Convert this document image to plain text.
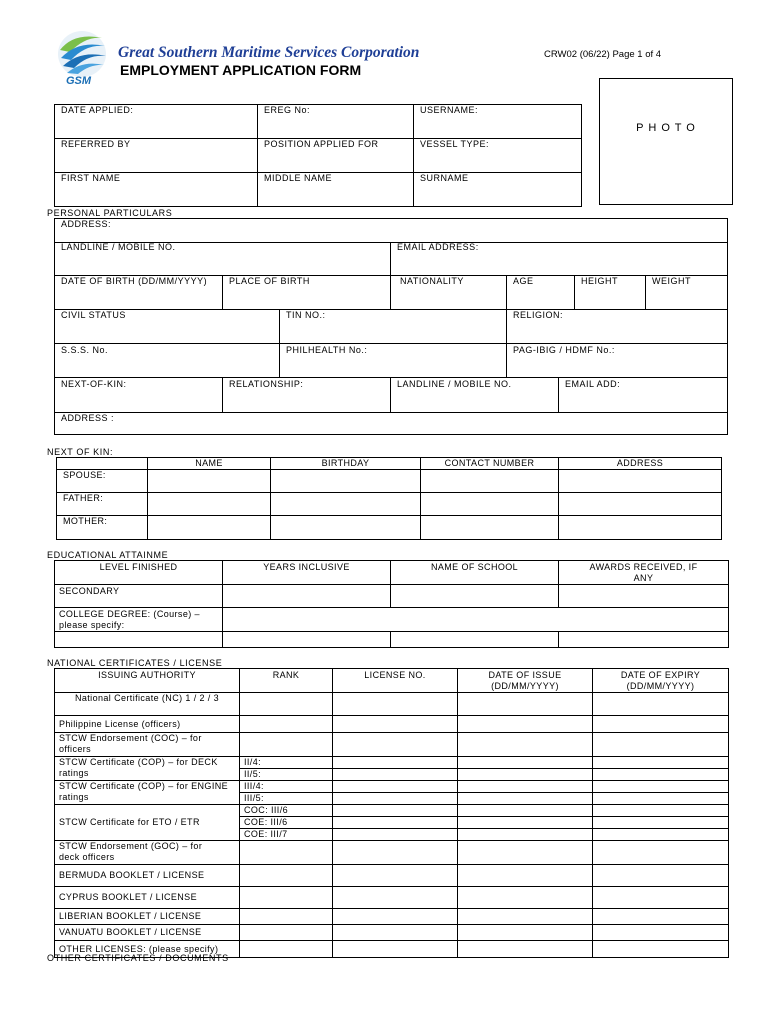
GSM
Great Southern Maritime Services Corporation
EMPLOYMENT APPLICATION FORM
CRW02 (06/22) Page 1 of 4
P H O T O
DATE APPLIED:	EREG No:	USERNAME:
REFERRED BY	POSITION APPLIED FOR	VESSEL TYPE:
FIRST NAME	MIDDLE NAME	SURNAME
PERSONAL PARTICULARS
ADDRESS:
LANDLINE / MOBILE NO.	EMAIL ADDRESS:
DATE OF BIRTH (DD/MM/YYYY) PLACE OF BIRTH	NATIONALITY	AGE	HEIGHT	WEIGHT
CIVIL STATUS	TIN NO.:	RELIGION:
S.S.S. No.	PHILHEALTH No.:	PAG-IBIG / HDMF No.:
NEXT-OF-KIN:	RELATIONSHIP:	LANDLINE / MOBILE NO.	EMAIL ADD:
ADDRESS :
NEXT OF KIN:
	NAME	BIRTHDAY	CONTACT NUMBER	ADDRESS
SPOUSE:				
FATHER:				
MOTHER:				
EDUCATIONAL ATTAINME
LEVEL FINISHED	YEARS INCLUSIVE	NAME OF SCHOOL	AWARDS RECEIVED, IF ANY
SECONDARY			
COLLEGE DEGREE: (Course) – please specify:			

NATIONAL CERTIFICATES / LICENSE
ISSUING AUTHORITY	RANK	LICENSE NO.	DATE OF ISSUE (DD/MM/YYYY)	DATE OF EXPIRY (DD/MM/YYYY)
National Certificate (NC) 1 / 2 / 3				
Philippine License (officers)				
STCW Endorsement (COC) – for officers				
STCW Certificate (COP) – for DECK ratings	II/4:			
	II/5:			
STCW Certificate (COP) – for ENGINE ratings	III/4:			
	III/5:			
STCW Certificate for ETO / ETR	COC: III/6			
	COE: III/6			
	COE: III/7			
STCW Endorsement (GOC) – for deck officers				
BERMUDA BOOKLET / LICENSE				
CYPRUS BOOKLET / LICENSE				
LIBERIAN BOOKLET / LICENSE				
VANUATU BOOKLET / LICENSE				
OTHER LICENSES: (please specify)				
OTHER CERTIFICATES / DOCUMENTS
